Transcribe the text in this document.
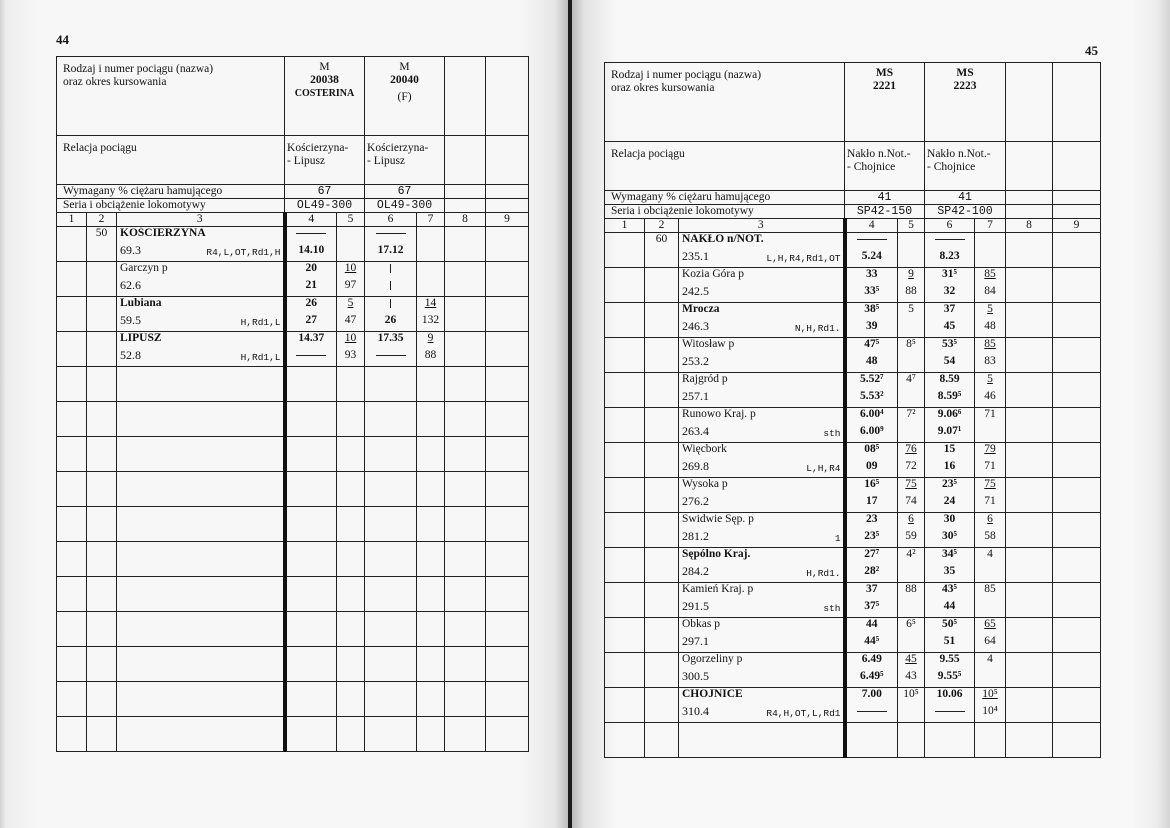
44
Rodzaj i numer pociągu (nazwa)
oraz okres kursowania			M
20038
COSTERINA		M
20040
(F)			

Relacja pociągu			Kościerzyna-
- Lipusz		Kościerzyna-
- Lipusz			
Wymagany % ciężaru hamującego			67		67			
Seria i obciążenie lokomotywy			OL49-300		OL49-300			
1	2	3	4	5	6	7	8	9
	50	KOŚCIERZYNA						

		69.3 R4,L,OT,Rd1,H	14.10		17.12			
		Garczyn p	20	10				

		62.6	21	97				
		Lubiana	26	5		14		

		59.5 H,Rd1,L	27	47	26	132		
		LIPUSZ	14.37	10	17.35	9		

		52.8 H,Rd1,L		93		88		

45
Rodzaj i numer pociągu (nazwa)
oraz okres kursowania			MS
2221		MS
2223			

Relacja pociągu			Nakło n.Not.-
- Chojnice		Nakło n.Not.-
- Chojnice			
Wymagany % ciężaru hamującego			41		41			
Seria i obciążenie lokomotywy			SP42-150		SP42-100			
1	2	3	4	5	6	7	8	9
	60	NAKŁO n/NOT.						

		235.1 L,H,R4,Rd1,OT	5.24		8.23			
		Kozia Góra p	33	9	31⁵	85		

		242.5	33⁵	88	32	84		
		Mrocza	38⁵	5	37	5		

		246.3 N,H,Rd1.	39		45	48		
		Witosław p	47⁵	8⁵	53⁵	85		

		253.2	48		54	83		
		Rajgród p	5.52⁷	4⁷	8.59	5		

		257.1	5.53²		8.59⁵	46		
		Runowo Kraj. p	6.00⁴	7²	9.06⁶	71		

		263.4 sth	6.00⁹		9.07¹			
		Więcbork	08⁵	76	15	79		

		269.8 L,H,R4	09	72	16	71		
		Wysoka p	16⁵	75	23⁵	75		

		276.2	17	74	24	71		
		Swidwie Sęp. p	23	6	30	6		

		281.2 1	23⁵	59	30⁵	58		
		Sępólno Kraj.	27⁷	4²	34⁵	4		

		284.2 H,Rd1.	28²		35			
		Kamień Kraj. p	37	88	43⁵	85		

		291.5 sth	37⁵		44			
		Obkas p	44	6⁵	50⁵	65		

		297.1	44⁵		51	64		
		Ogorzeliny p	6.49	45	9.55	4		

		300.5	6.49⁵	43	9.55⁵			
		CHOJNICE	7.00	10⁵	10.06	10⁵		

		310.4 R4,H,OT,L,Rd1				10⁴		
